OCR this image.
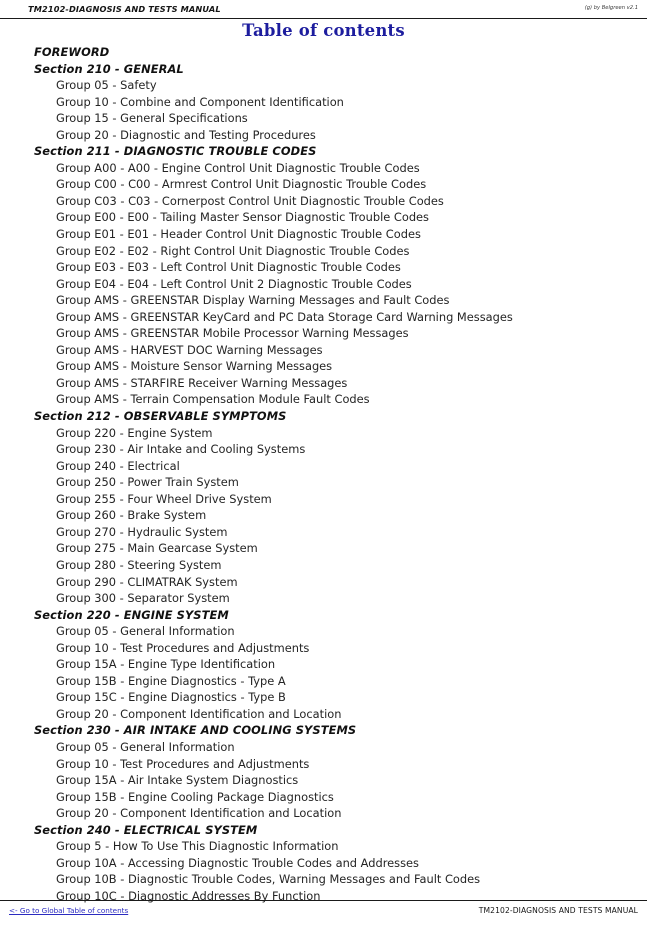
TM2102-DIAGNOSIS AND TESTS MANUAL	(g) by Belgreen v2.1
Table of contents
FOREWORD
Section 210 - GENERAL
Group 05 - Safety
Group 10 - Combine and Component Identification
Group 15 - General Specifications
Group 20 - Diagnostic and Testing Procedures
Section 211 - DIAGNOSTIC TROUBLE CODES
Group A00 - A00 - Engine Control Unit Diagnostic Trouble Codes
Group C00 - C00 - Armrest Control Unit Diagnostic Trouble Codes
Group C03 - C03 - Cornerpost Control Unit Diagnostic Trouble Codes
Group E00 - E00 - Tailing Master Sensor Diagnostic Trouble Codes
Group E01 - E01 - Header Control Unit Diagnostic Trouble Codes
Group E02 - E02 - Right Control Unit Diagnostic Trouble Codes
Group E03 - E03 - Left Control Unit Diagnostic Trouble Codes
Group E04 - E04 - Left Control Unit 2 Diagnostic Trouble Codes
Group AMS - GREENSTAR Display Warning Messages and Fault Codes
Group AMS - GREENSTAR KeyCard and PC Data Storage Card Warning Messages
Group AMS - GREENSTAR Mobile Processor Warning Messages
Group AMS - HARVEST DOC Warning Messages
Group AMS - Moisture Sensor Warning Messages
Group AMS - STARFIRE Receiver Warning Messages
Group AMS - Terrain Compensation Module Fault Codes
Section 212 - OBSERVABLE SYMPTOMS
Group 220 - Engine System
Group 230 - Air Intake and Cooling Systems
Group 240 - Electrical
Group 250 - Power Train System
Group 255 - Four Wheel Drive System
Group 260 - Brake System
Group 270 - Hydraulic System
Group 275 - Main Gearcase System
Group 280 - Steering System
Group 290 - CLIMATRAK System
Group 300 - Separator System
Section 220 - ENGINE SYSTEM
Group 05 - General Information
Group 10 - Test Procedures and Adjustments
Group 15A - Engine Type Identification
Group 15B - Engine Diagnostics - Type A
Group 15C - Engine Diagnostics - Type B
Group 20 - Component Identification and Location
Section 230 - AIR INTAKE AND COOLING SYSTEMS
Group 05 - General Information
Group 10 - Test Procedures and Adjustments
Group 15A - Air Intake System Diagnostics
Group 15B - Engine Cooling Package Diagnostics
Group 20 - Component Identification and Location
Section 240 - ELECTRICAL SYSTEM
Group 5 - How To Use This Diagnostic Information
Group 10A - Accessing Diagnostic Trouble Codes and Addresses
Group 10B - Diagnostic Trouble Codes, Warning Messages and Fault Codes
Group 10C - Diagnostic Addresses By Function
<- Go to Global Table of contents	TM2102-DIAGNOSIS AND TESTS MANUAL
